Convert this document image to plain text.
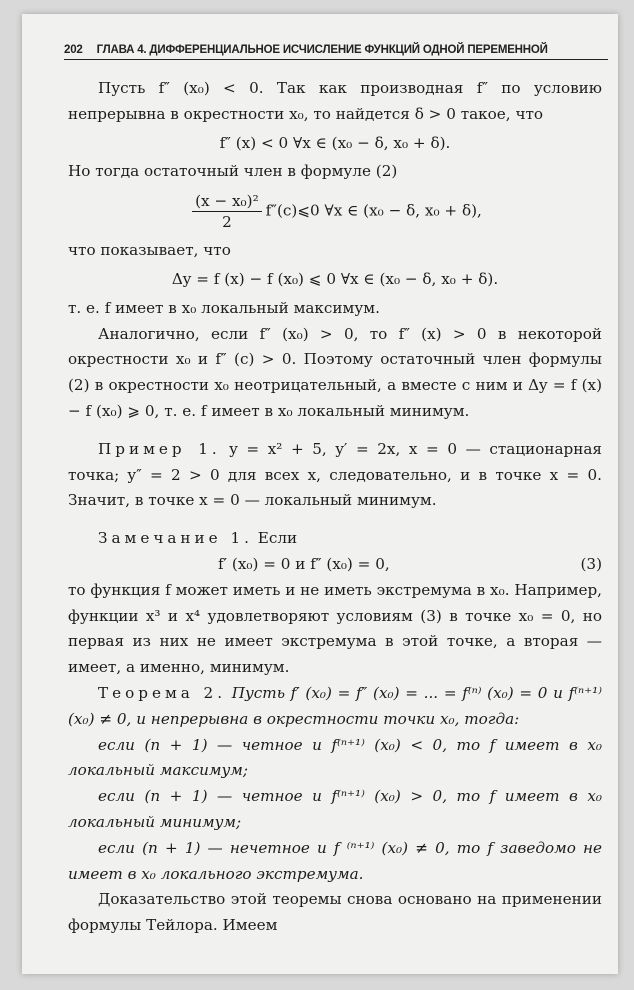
202 ГЛАВА 4. ДИФФЕРЕНЦИАЛЬНОЕ ИСЧИСЛЕНИЕ ФУНКЦИЙ ОДНОЙ ПЕРЕМЕННОЙ

Пусть f″ (x₀) < 0. Так как производная f″ по условию непрерывна в окрестности x₀, то найдется δ > 0 такое, что

f″ (x) < 0 ∀x ∈ (x₀ − δ, x₀ + δ).

Но тогда остаточный член в формуле (2)

$\frac{\text{(x − x₀)²}}{2}$ f″(c)⩽0 ∀x ∈ (x₀ − δ, x₀ + δ),

что показывает, что

Δy = f (x) − f (x₀) ⩽ 0 ∀x ∈ (x₀ − δ, x₀ + δ).

т. е. f имеет в x₀ локальный максимум.

Аналогично, если f″ (x₀) > 0, то f″ (x) > 0 в некоторой окрестности x₀ и f″ (c) > 0. Поэтому остаточный член формулы (2) в окрестности x₀ неотрицательный, а вместе с ним и Δy = f (x) − f (x₀) ⩾ 0, т. е. f имеет в x₀ локальный минимум.

Пример 1. y = x² + 5, y′ = 2x, x = 0 — стационарная точка; y″ = 2 > 0 для всех x, следовательно, и в точке x = 0. Значит, в точке x = 0 — локальный минимум.

Замечание 1. Если

f′ (x₀) = 0 и f″ (x₀) = 0,	(3)

то функция f может иметь и не иметь экстремума в x₀. Например, функции x³ и x⁴ удовлетворяют условиям (3) в точке x₀ = 0, но первая из них не имеет экстремума в этой точке, а вторая — имеет, а именно, минимум.

Теорема 2. Пусть f′ (x₀) = f″ (x₀) = ... = f⁽ⁿ⁾ (x₀) = 0 и f⁽ⁿ⁺¹⁾ (x₀) ≠ 0, и непрерывна в окрестности точки x₀, тогда:

если (n + 1) — четное и f⁽ⁿ⁺¹⁾ (x₀) < 0, то f имеет в x₀ локальный максимум;

если (n + 1) — четное и f⁽ⁿ⁺¹⁾ (x₀) > 0, то f имеет в x₀ локальный минимум;

если (n + 1) — нечетное и f ⁽ⁿ⁺¹⁾ (x₀) ≠ 0, то f заведомо не имеет в x₀ локального экстремума.

Доказательство этой теоремы снова основано на применении формулы Тейлора. Имеем
